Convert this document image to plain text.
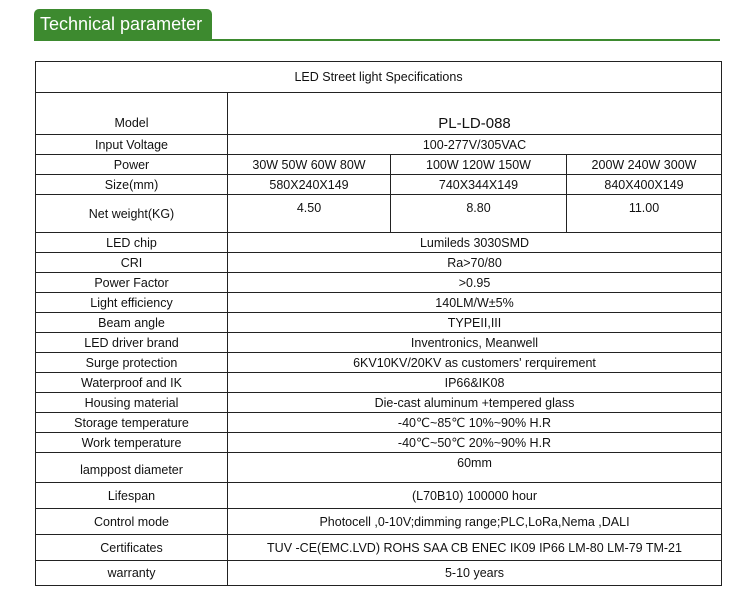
Technical parameter
LED Street light Specifications			
Model	PL-LD-088		
Input Voltage	100-277V/305VAC		
Power	30W 50W 60W 80W	100W 120W 150W	200W 240W 300W
Size(mm)	580X240X149	740X344X149	840X400X149
Net weight(KG)	4.50	8.80	11.00
LED chip	Lumileds 3030SMD		
CRI	Ra>70/80		
Power Factor	>0.95		
Light efficiency	140LM/W±5%		
Beam angle	TYPEII,III		
LED driver brand	Inventronics, Meanwell		
Surge protection	6KV10KV/20KV as customers' rerquirement		
Waterproof and IK	IP66&IK08		
Housing material	Die-cast aluminum +tempered glass		
Storage temperature	-40℃~85℃ 10%~90% H.R		
Work temperature	-40℃~50℃ 20%~90% H.R		
lamppost diameter	60mm		
Lifespan	(L70B10) 100000 hour		
Control mode	Photocell ,0-10V;dimming range;PLC,LoRa,Nema ,DALI		
Certificates	TUV -CE(EMC.LVD) ROHS SAA CB ENEC IK09 IP66 LM-80 LM-79 TM-21		
warranty	5-10 years		
